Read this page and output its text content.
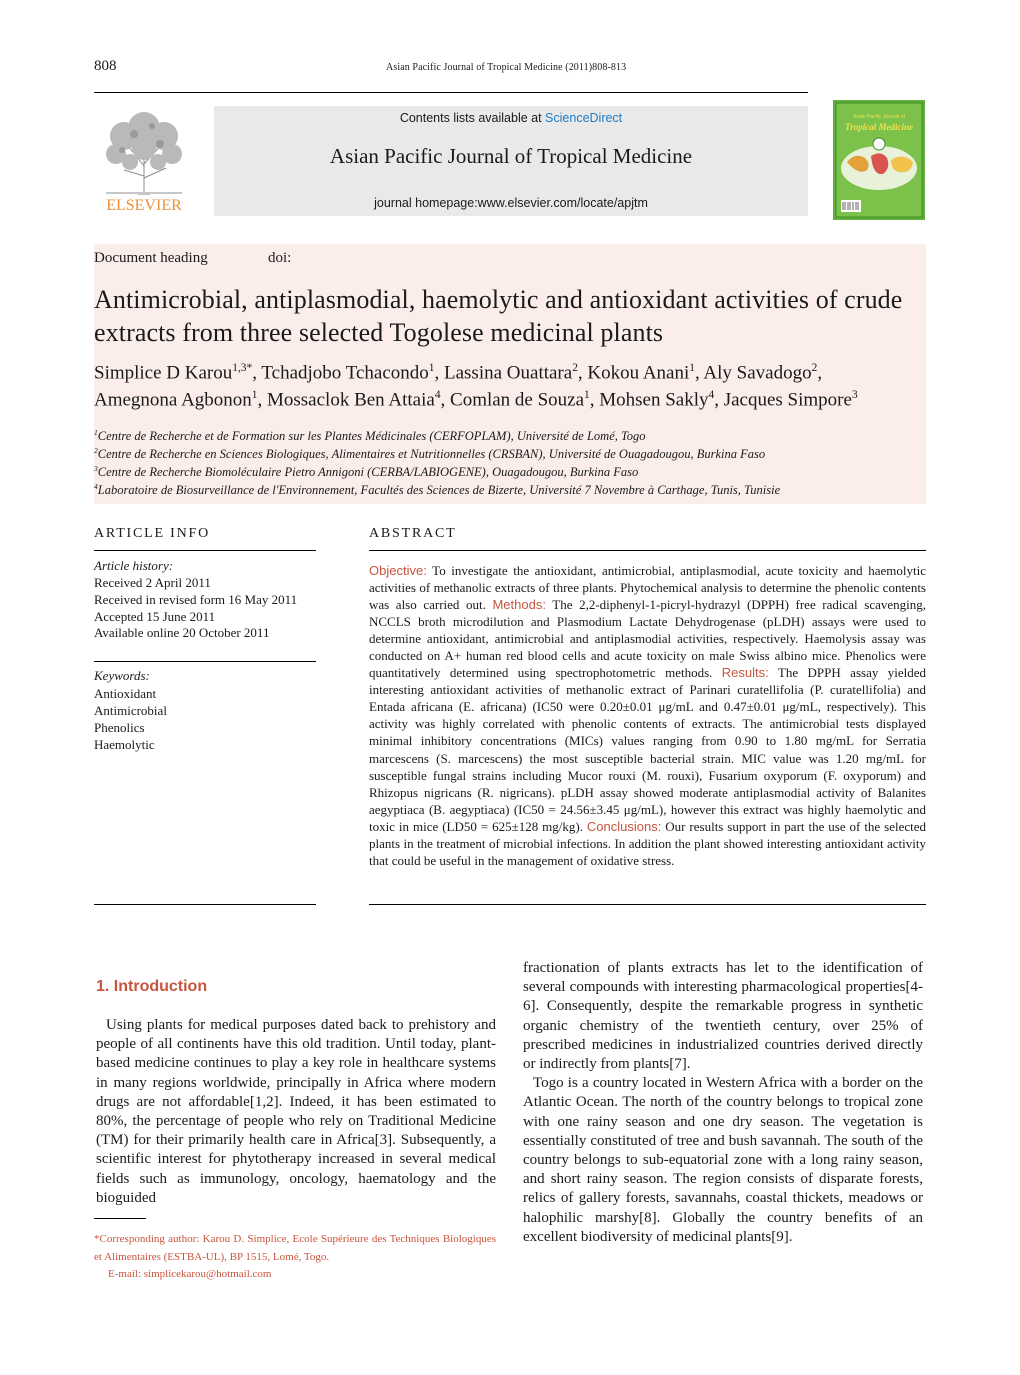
808	Asian Pacific Journal of Tropical Medicine (2011)808-813
ELSEVIER
Contents lists available at ScienceDirect
Asian Pacific Journal of Tropical Medicine
journal homepage:www.elsevier.com/locate/apjtm
Asian Pacific Journal of
Tropical Medicine
Document heading	doi:
Antimicrobial, antiplasmodial, haemolytic and antioxidant activities of crude extracts from three selected Togolese medicinal plants
Simplice D Karou$^{1,3*}$, Tchadjobo Tchacondo$^1$, Lassina Ouattara$^2$, Kokou Anani$^1$, Aly Savadogo$^2$,
Amegnona Agbonon$^1$, Mossaclok Ben Attaia$^4$, Comlan de Souza$^1$, Mohsen Sakly$^4$, Jacques Simpore$^3$
$^1$Centre de Recherche et de Formation sur les Plantes Médicinales (CERFOPLAM), Université de Lomé, Togo
$^2$Centre de Recherche en Sciences Biologiques, Alimentaires et Nutritionnelles (CRSBAN), Université de Ouagadougou, Burkina Faso
$^3$Centre de Recherche Biomoléculaire Pietro Annigoni (CERBA/LABIOGENE), Ouagadougou, Burkina Faso
$^4$Laboratoire de Biosurveillance de l'Environnement, Facultés des Sciences de Bizerte, Université 7 Novembre à Carthage, Tunis, Tunisie
ARTICLE INFO
Article history:
Received 2 April 2011
Received in revised form 16 May 2011
Accepted 15 June 2011
Available online 20 October 2011
Keywords:
Antioxidant
Antimicrobial
Phenolics
Haemolytic
ABSTRACT
Objective: To investigate the antioxidant, antimicrobial, antiplasmodial, acute toxicity and haemolytic activities of methanolic extracts of three plants. Phytochemical analysis to determine the phenolic contents was also carried out. Methods: The 2,2-diphenyl-1-picryl-hydrazyl (DPPH) free radical scavenging, NCCLS broth microdilution and Plasmodium Lactate Dehydrogenase (pLDH) assays were used to determine antioxidant, antimicrobial and antiplasmodial activities, respectively. Haemolysis assay was conducted on A+ human red blood cells and acute toxicity on male Swiss albino mice. Phenolics were quantitatively determined using spectrophotometric methods. Results: The DPPH assay yielded interesting antioxidant activities of methanolic extract of Parinari curatellifolia (P. curatellifolia) and Entada africana (E. africana) (IC50 were 0.20±0.01 μg/mL and 0.47±0.01 μg/mL, respectively). This activity was highly correlated with phenolic contents of extracts. The antimicrobial tests displayed minimal inhibitory concentrations (MICs) values ranging from 0.90 to 1.80 mg/mL for Serratia marcescens (S. marcescens) the most susceptible bacterial strain. MIC value was 1.20 mg/mL for susceptible fungal strains including Mucor rouxi (M. rouxi), Fusarium oxyporum (F. oxyporum) and Rhizopus nigricans (R. nigricans). pLDH assay showed moderate antiplasmodial activity of Balanites aegyptiaca (B. aegyptiaca) (IC50 = 24.56±3.45 μg/mL), however this extract was highly haemolytic and toxic in mice (LD50 = 625±128 mg/kg). Conclusions: Our results support in part the use of the selected plants in the treatment of microbial infections. In addition the plant showed interesting antioxidant activity that could be useful in the management of oxidative stress.
1. Introduction
Using plants for medical purposes dated back to prehistory and people of all continents have this old tradition. Until today, plant-based medicine continues to play a key role in healthcare systems in many regions worldwide, principally in Africa where modern drugs are not affordable[1,2]. Indeed, it has been estimated to 80%, the percentage of people who rely on Traditional Medicine (TM) for their primarily health care in Africa[3]. Subsequently, a scientific interest for phytotherapy increased in several medical fields such as immunology, oncology, haematology and the bioguided

fractionation of plants extracts has let to the identification of several compounds with interesting pharmacological properties[4-6]. Consequently, despite the remarkable progress in synthetic organic chemistry of the twentieth century, over 25% of prescribed medicines in industrialized countries derived directly or indirectly from plants[7].

Togo is a country located in Western Africa with a border on the Atlantic Ocean. The north of the country belongs to tropical zone with one rainy season and one dry season. The vegetation is essentially constituted of tree and bush savannah. The south of the country belongs to sub-equatorial zone with a long rainy season, and short rainy season. The region consists of disparate forests, relics of gallery forests, savannahs, coastal thickets, meadows or halophilic marshy[8]. Globally the country benefits of an excellent biodiversity of medicinal plants[9].

*Corresponding author: Karou D. Simplice, Ecole Supérieure des Techniques Biologiques et Alimentaires (ESTBA-UL), BP 1515, Lomé, Togo.
E-mail: simplicekarou@hotmail.com
